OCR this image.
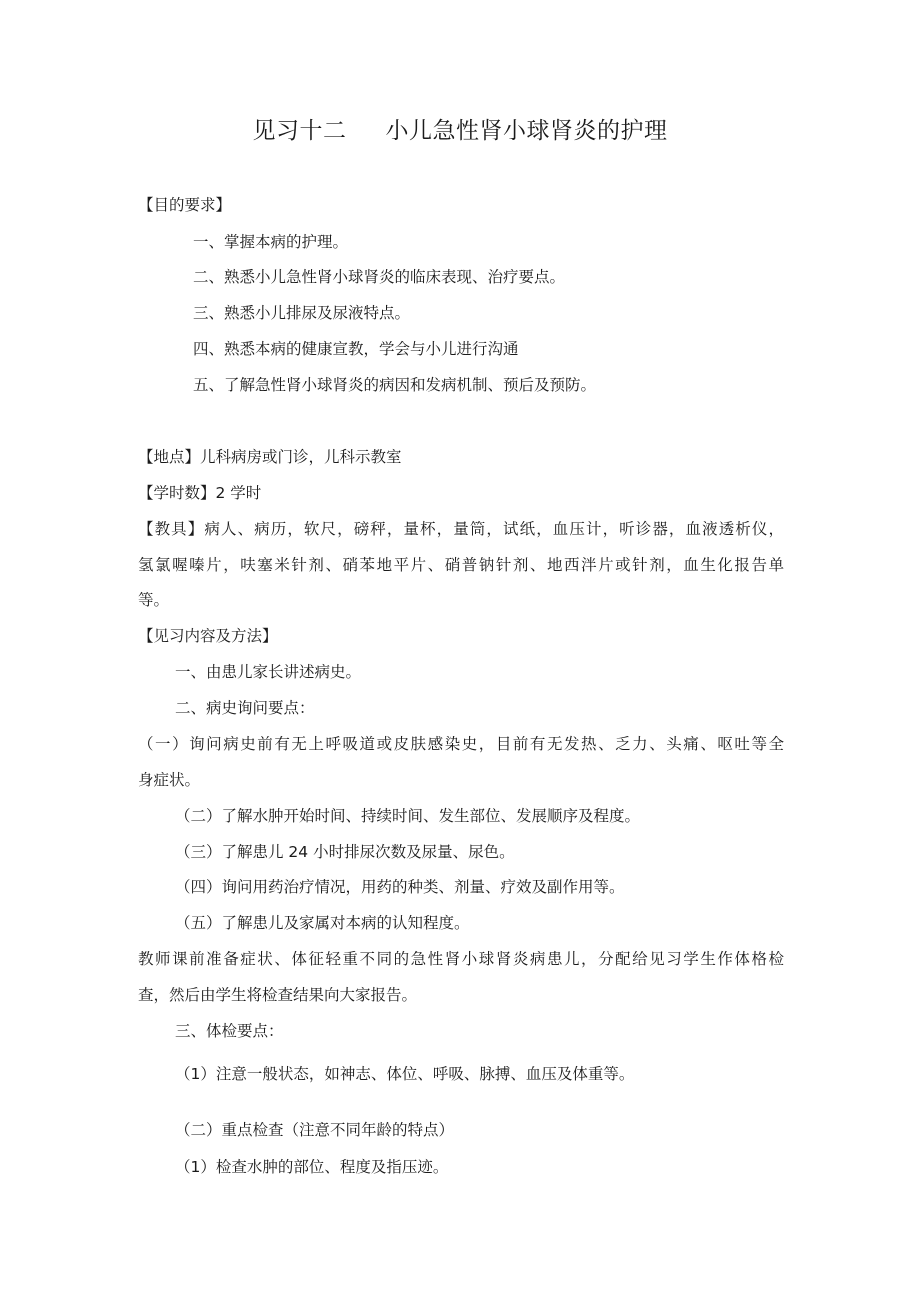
见习十二     小儿急性肾小球肾炎的护理
【目的要求】
一、掌握本病的护理。
二、熟悉小儿急性肾小球肾炎的临床表现、治疗要点。
三、熟悉小儿排尿及尿液特点。
四、熟悉本病的健康宣教，学会与小儿进行沟通
五、了解急性肾小球肾炎的病因和发病机制、预后及预防。
【地点】儿科病房或门诊，儿科示教室
【学时数】2 学时
【教具】病人、病历，软尺，磅秤，量杯，量筒，试纸，血压计，听诊器，血液透析仪，
氢氯喔嗪片，呋塞米针剂、硝苯地平片、硝普钠针剂、地西泮片或针剂，血生化报告单
等。
【见习内容及方法】
一、由患儿家长讲述病史。
二、病史询问要点：
（一）询问病史前有无上呼吸道或皮肤感染史，目前有无发热、乏力、头痛、呕吐等全
身症状。
（二）了解水肿开始时间、持续时间、发生部位、发展顺序及程度。
（三）了解患儿 24 小时排尿次数及尿量、尿色。
（四）询问用药治疗情况，用药的种类、剂量、疗效及副作用等。
（五）了解患儿及家属对本病的认知程度。
教师课前准备症状、体征轻重不同的急性肾小球肾炎病患儿，分配给见习学生作体格检
查，然后由学生将检查结果向大家报告。
三、体检要点：
（1）注意一般状态，如神志、体位、呼吸、脉搏、血压及体重等。
（二）重点检查（注意不同年龄的特点）
（1）检查水肿的部位、程度及指压迹。
